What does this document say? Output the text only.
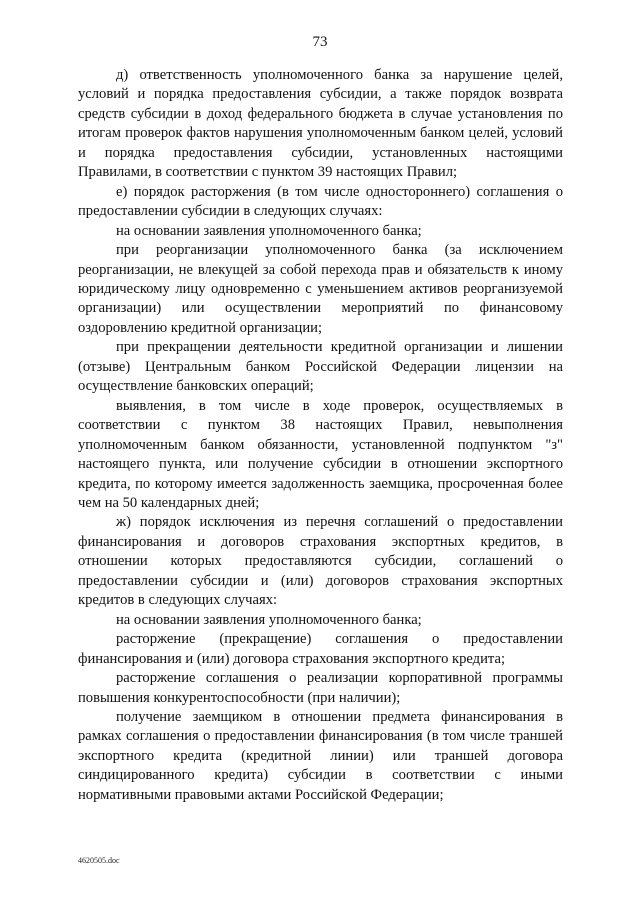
73

д) ответственность уполномоченного банка за нарушение целей, условий и порядка предоставления субсидии, а также порядок возврата средств субсидии в доход федерального бюджета в случае установления по итогам проверок фактов нарушения уполномоченным банком целей, условий и порядка предоставления субсидии, установленных настоящими Правилами, в соответствии с пунктом 39 настоящих Правил;

е) порядок расторжения (в том числе одностороннего) соглашения о предоставлении субсидии в следующих случаях:

на основании заявления уполномоченного банка;

при реорганизации уполномоченного банка (за исключением реорганизации, не влекущей за собой перехода прав и обязательств к иному юридическому лицу одновременно с уменьшением активов реорганизуемой организации) или осуществлении мероприятий по финансовому оздоровлению кредитной организации;

при прекращении деятельности кредитной организации и лишении (отзыве) Центральным банком Российской Федерации лицензии на осуществление банковских операций;

выявления, в том числе в ходе проверок, осуществляемых в соответствии с пунктом 38 настоящих Правил, невыполнения уполномоченным банком обязанности, установленной подпунктом "з" настоящего пункта, или получение субсидии в отношении экспортного кредита, по которому имеется задолженность заемщика, просроченная более чем на 50 календарных дней;

ж) порядок исключения из перечня соглашений о предоставлении финансирования и договоров страхования экспортных кредитов, в отношении которых предоставляются субсидии, соглашений о предоставлении субсидии и (или) договоров страхования экспортных кредитов в следующих случаях:

на основании заявления уполномоченного банка;

расторжение (прекращение) соглашения о предоставлении финансирования и (или) договора страхования экспортного кредита;

расторжение соглашения о реализации корпоративной программы повышения конкурентоспособности (при наличии);

получение заемщиком в отношении предмета финансирования в рамках соглашения о предоставлении финансирования (в том числе траншей экспортного кредита (кредитной линии) или траншей договора синдицированного кредита) субсидии в соответствии с иными нормативными правовыми актами Российской Федерации;

4620505.doc
